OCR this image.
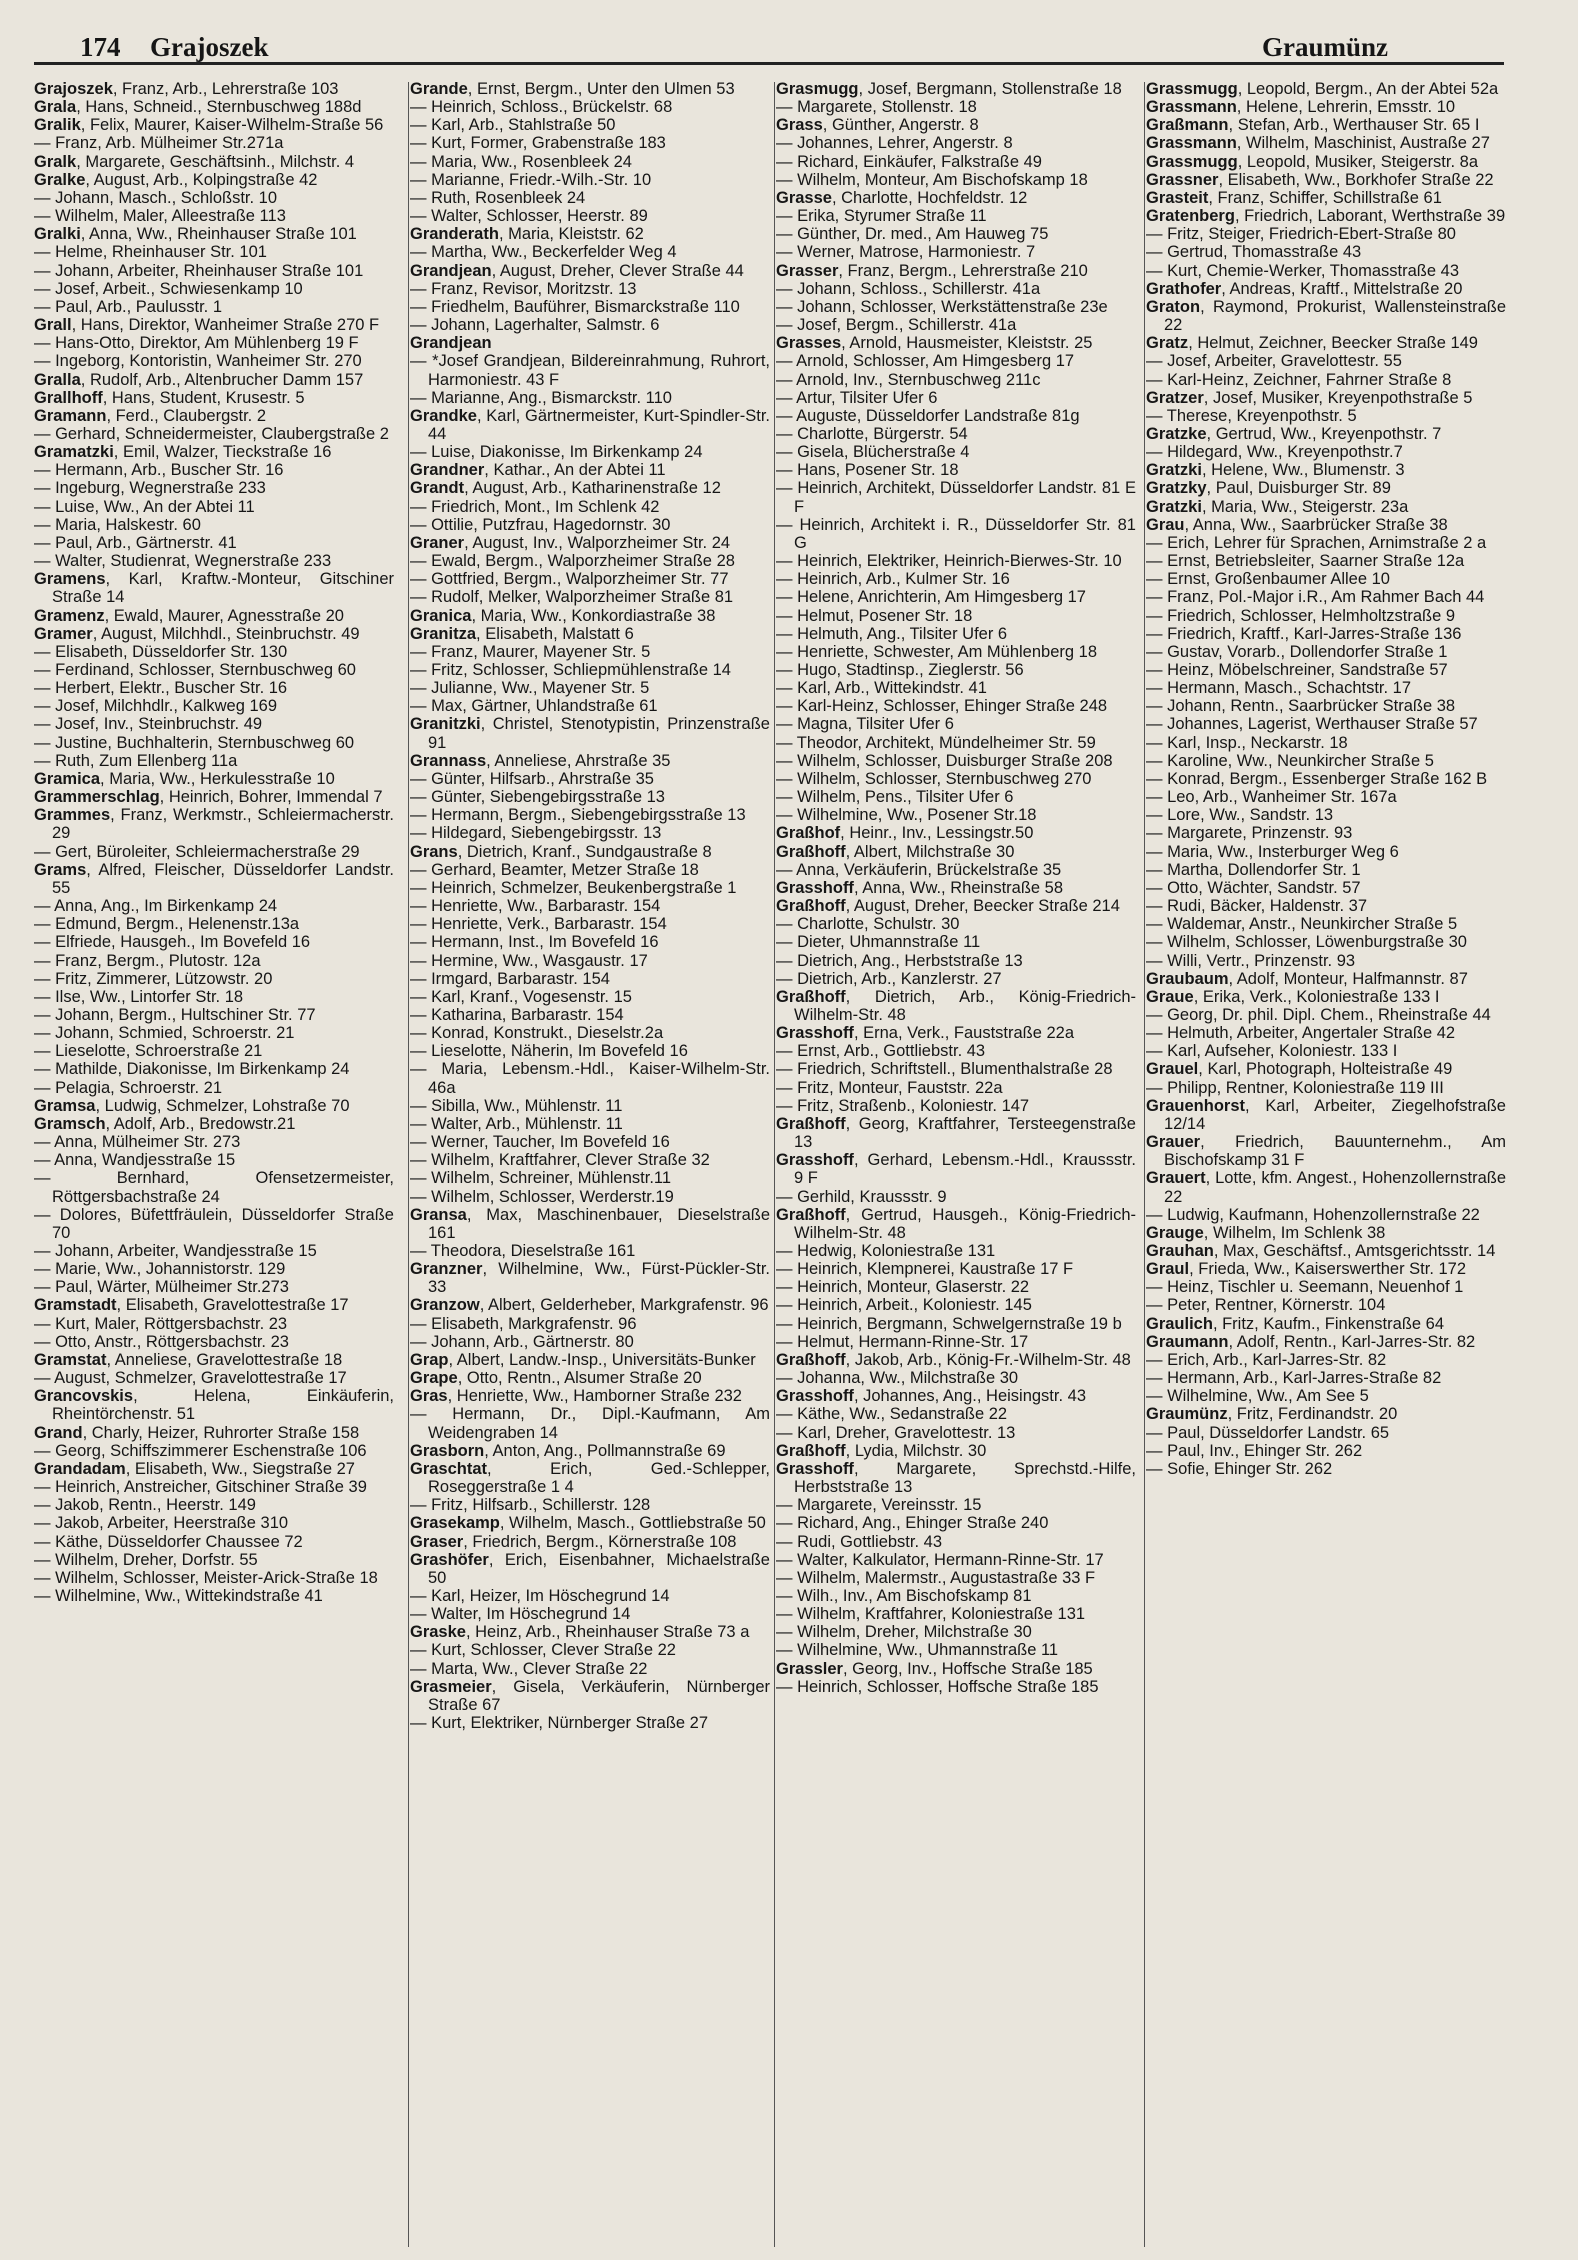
174 Grajoszek	Graumünz

Grajoszek, Franz, Arb., Lehrerstraße 103

Grala, Hans, Schneid., Sternbuschweg 188d

Gralik, Felix, Maurer, Kaiser-Wilhelm-Straße 56

— Franz, Arb. Mülheimer Str.271a

Gralk, Margarete, Geschäftsinh., Milchstr. 4

Gralke, August, Arb., Kolpingstraße 42

— Johann, Masch., Schloßstr. 10

— Wilhelm, Maler, Alleestraße 113

Gralki, Anna, Ww., Rheinhauser Straße 101

— Helme, Rheinhauser Str. 101

— Johann, Arbeiter, Rheinhauser Straße 101

— Josef, Arbeit., Schwiesenkamp 10

— Paul, Arb., Paulusstr. 1

Grall, Hans, Direktor, Wanheimer Straße 270 F

— Hans-Otto, Direktor, Am Mühlenberg 19 F

— Ingeborg, Kontoristin, Wanheimer Str. 270

Gralla, Rudolf, Arb., Altenbrucher Damm 157

Grallhoff, Hans, Student, Krusestr. 5

Gramann, Ferd., Claubergstr. 2

— Gerhard, Schneidermeister, Claubergstraße 2

Gramatzki, Emil, Walzer, Tieckstraße 16

— Hermann, Arb., Buscher Str. 16

— Ingeburg, Wegnerstraße 233

— Luise, Ww., An der Abtei 11

— Maria, Halskestr. 60

— Paul, Arb., Gärtnerstr. 41

— Walter, Studienrat, Wegnerstraße 233

Gramens, Karl, Kraftw.-Monteur, Gitschiner Straße 14

Gramenz, Ewald, Maurer, Agnesstraße 20

Gramer, August, Milchhdl., Steinbruchstr. 49

— Elisabeth, Düsseldorfer Str. 130

— Ferdinand, Schlosser, Sternbuschweg 60

— Herbert, Elektr., Buscher Str. 16

— Josef, Milchhdlr., Kalkweg 169

— Josef, Inv., Steinbruchstr. 49

— Justine, Buchhalterin, Sternbuschweg 60

— Ruth, Zum Ellenberg 11a

Gramica, Maria, Ww., Herkulesstraße 10

Grammerschlag, Heinrich, Bohrer, Immendal 7

Grammes, Franz, Werkmstr., Schleiermacherstr. 29

— Gert, Büroleiter, Schleiermacherstraße 29

Grams, Alfred, Fleischer, Düsseldorfer Landstr. 55

— Anna, Ang., Im Birkenkamp 24

— Edmund, Bergm., Helenenstr.13a

— Elfriede, Hausgeh., Im Bovefeld 16

— Franz, Bergm., Plutostr. 12a

— Fritz, Zimmerer, Lützowstr. 20

— Ilse, Ww., Lintorfer Str. 18

— Johann, Bergm., Hultschiner Str. 77

— Johann, Schmied, Schroerstr. 21

— Lieselotte, Schroerstraße 21

— Mathilde, Diakonisse, Im Birkenkamp 24

— Pelagia, Schroerstr. 21

Gramsa, Ludwig, Schmelzer, Lohstraße 70

Gramsch, Adolf, Arb., Bredowstr.21

— Anna, Mülheimer Str. 273

— Anna, Wandjesstraße 15

— Bernhard, Ofensetzermeister, Röttgersbachstraße 24

— Dolores, Büfettfräulein, Düsseldorfer Straße 70

— Johann, Arbeiter, Wandjesstraße 15

— Marie, Ww., Johannistorstr. 129

— Paul, Wärter, Mülheimer Str.273

Gramstadt, Elisabeth, Gravelottestraße 17

— Kurt, Maler, Röttgersbachstr. 23

— Otto, Anstr., Röttgersbachstr. 23

Gramstat, Anneliese, Gravelottestraße 18

— August, Schmelzer, Gravelottestraße 17

Grancovskis, Helena, Einkäuferin, Rheintörchenstr. 51

Grand, Charly, Heizer, Ruhrorter Straße 158

— Georg, Schiffszimmerer Eschenstraße 106

Grandadam, Elisabeth, Ww., Siegstraße 27

— Heinrich, Anstreicher, Gitschiner Straße 39

— Jakob, Rentn., Heerstr. 149

— Jakob, Arbeiter, Heerstraße 310

— Käthe, Düsseldorfer Chaussee 72

— Wilhelm, Dreher, Dorfstr. 55

— Wilhelm, Schlosser, Meister-Arick-Straße 18

— Wilhelmine, Ww., Wittekindstraße 41

Grande, Ernst, Bergm., Unter den Ulmen 53

— Heinrich, Schloss., Brückelstr. 68

— Karl, Arb., Stahlstraße 50

— Kurt, Former, Grabenstraße 183

— Maria, Ww., Rosenbleek 24

— Marianne, Friedr.-Wilh.-Str. 10

— Ruth, Rosenbleek 24

— Walter, Schlosser, Heerstr. 89

Granderath, Maria, Kleiststr. 62

— Martha, Ww., Beckerfelder Weg 4

Grandjean, August, Dreher, Clever Straße 44

— Franz, Revisor, Moritzstr. 13

— Friedhelm, Bauführer, Bismarckstraße 110

— Johann, Lagerhalter, Salmstr. 6

Grandjean

— *Josef Grandjean, Bildereinrahmung, Ruhrort, Harmoniestr. 43 F

— Marianne, Ang., Bismarckstr. 110

Grandke, Karl, Gärtnermeister, Kurt-Spindler-Str. 44

— Luise, Diakonisse, Im Birkenkamp 24

Grandner, Kathar., An der Abtei 11

Grandt, August, Arb., Katharinenstraße 12

— Friedrich, Mont., Im Schlenk 42

— Ottilie, Putzfrau, Hagedornstr. 30

Graner, August, Inv., Walporzheimer Str. 24

— Ewald, Bergm., Walporzheimer Straße 28

— Gottfried, Bergm., Walporzheimer Str. 77

— Rudolf, Melker, Walporzheimer Straße 81

Granica, Maria, Ww., Konkordiastraße 38

Granitza, Elisabeth, Malstatt 6

— Franz, Maurer, Mayener Str. 5

— Fritz, Schlosser, Schliepmühlenstraße 14

— Julianne, Ww., Mayener Str. 5

— Max, Gärtner, Uhlandstraße 61

Granitzki, Christel, Stenotypistin, Prinzenstraße 91

Grannass, Anneliese, Ahrstraße 35

— Günter, Hilfsarb., Ahrstraße 35

— Günter, Siebengebirgsstraße 13

— Hermann, Bergm., Siebengebirgsstraße 13

— Hildegard, Siebengebirgsstr. 13

Grans, Dietrich, Kranf., Sundgaustraße 8

— Gerhard, Beamter, Metzer Straße 18

— Heinrich, Schmelzer, Beukenbergstraße 1

— Henriette, Ww., Barbarastr. 154

— Henriette, Verk., Barbarastr. 154

— Hermann, Inst., Im Bovefeld 16

— Hermine, Ww., Wasgaustr. 17

— Irmgard, Barbarastr. 154

— Karl, Kranf., Vogesenstr. 15

— Katharina, Barbarastr. 154

— Konrad, Konstrukt., Dieselstr.2a

— Lieselotte, Näherin, Im Bovefeld 16

— Maria, Lebensm.-Hdl., Kaiser-Wilhelm-Str. 46a

— Sibilla, Ww., Mühlenstr. 11

— Walter, Arb., Mühlenstr. 11

— Werner, Taucher, Im Bovefeld 16

— Wilhelm, Kraftfahrer, Clever Straße 32

— Wilhelm, Schreiner, Mühlenstr.11

— Wilhelm, Schlosser, Werderstr.19

Gransa, Max, Maschinenbauer, Dieselstraße 161

— Theodora, Dieselstraße 161

Granzner, Wilhelmine, Ww., Fürst-Pückler-Str. 33

Granzow, Albert, Gelderheber, Markgrafenstr. 96

— Elisabeth, Markgrafenstr. 96

— Johann, Arb., Gärtnerstr. 80

Grap, Albert, Landw.-Insp., Universitäts-Bunker

Grape, Otto, Rentn., Alsumer Straße 20

Gras, Henriette, Ww., Hamborner Straße 232

— Hermann, Dr., Dipl.-Kaufmann, Am Weidengraben 14

Grasborn, Anton, Ang., Pollmannstraße 69

Graschtat, Erich, Ged.-Schlepper, Roseggerstraße 1 4

— Fritz, Hilfsarb., Schillerstr. 128

Grasekamp, Wilhelm, Masch., Gottliebstraße 50

Graser, Friedrich, Bergm., Körnerstraße 108

Grashöfer, Erich, Eisenbahner, Michaelstraße 50

— Karl, Heizer, Im Höschegrund 14

— Walter, Im Höschegrund 14

Graske, Heinz, Arb., Rheinhauser Straße 73 a

— Kurt, Schlosser, Clever Straße 22

— Marta, Ww., Clever Straße 22

Grasmeier, Gisela, Verkäuferin, Nürnberger Straße 67

— Kurt, Elektriker, Nürnberger Straße 27

Grasmugg, Josef, Bergmann, Stollenstraße 18

— Margarete, Stollenstr. 18

Grass, Günther, Angerstr. 8

— Johannes, Lehrer, Angerstr. 8

— Richard, Einkäufer, Falkstraße 49

— Wilhelm, Monteur, Am Bischofskamp 18

Grasse, Charlotte, Hochfeldstr. 12

— Erika, Styrumer Straße 11

— Günther, Dr. med., Am Hauweg 75

— Werner, Matrose, Harmoniestr. 7

Grasser, Franz, Bergm., Lehrerstraße 210

— Johann, Schloss., Schillerstr. 41a

— Johann, Schlosser, Werkstättenstraße 23e

— Josef, Bergm., Schillerstr. 41a

Grasses, Arnold, Hausmeister, Kleiststr. 25

— Arnold, Schlosser, Am Himgesberg 17

— Arnold, Inv., Sternbuschweg 211c

— Artur, Tilsiter Ufer 6

— Auguste, Düsseldorfer Landstraße 81g

— Charlotte, Bürgerstr. 54

— Gisela, Blücherstraße 4

— Hans, Posener Str. 18

— Heinrich, Architekt, Düsseldorfer Landstr. 81 E F

— Heinrich, Architekt i. R., Düsseldorfer Str. 81 G

— Heinrich, Elektriker, Heinrich-Bierwes-Str. 10

— Heinrich, Arb., Kulmer Str. 16

— Helene, Anrichterin, Am Himgesberg 17

— Helmut, Posener Str. 18

— Helmuth, Ang., Tilsiter Ufer 6

— Henriette, Schwester, Am Mühlenberg 18

— Hugo, Stadtinsp., Zieglerstr. 56

— Karl, Arb., Wittekindstr. 41

— Karl-Heinz, Schlosser, Ehinger Straße 248

— Magna, Tilsiter Ufer 6

— Theodor, Architekt, Mündelheimer Str. 59

— Wilhelm, Schlosser, Duisburger Straße 208

— Wilhelm, Schlosser, Sternbuschweg 270

— Wilhelm, Pens., Tilsiter Ufer 6

— Wilhelmine, Ww., Posener Str.18

Graßhof, Heinr., Inv., Lessingstr.50

Graßhoff, Albert, Milchstraße 30

— Anna, Verkäuferin, Brückelstraße 35

Grasshoff, Anna, Ww., Rheinstraße 58

Graßhoff, August, Dreher, Beecker Straße 214

— Charlotte, Schulstr. 30

— Dieter, Uhmannstraße 11

— Dietrich, Ang., Herbststraße 13

— Dietrich, Arb., Kanzlerstr. 27

Graßhoff, Dietrich, Arb., König-Friedrich-Wilhelm-Str. 48

Grasshoff, Erna, Verk., Fauststraße 22a

— Ernst, Arb., Gottliebstr. 43

— Friedrich, Schriftstell., Blumenthalstraße 28

— Fritz, Monteur, Fauststr. 22a

— Fritz, Straßenb., Koloniestr. 147

Graßhoff, Georg, Kraftfahrer, Tersteegenstraße 13

Grasshoff, Gerhard, Lebensm.-Hdl., Kraussstr. 9 F

— Gerhild, Kraussstr. 9

Graßhoff, Gertrud, Hausgeh., König-Friedrich-Wilhelm-Str. 48

— Hedwig, Koloniestraße 131

— Heinrich, Klempnerei, Kaustraße 17 F

— Heinrich, Monteur, Glaserstr. 22

— Heinrich, Arbeit., Koloniestr. 145

— Heinrich, Bergmann, Schwelgernstraße 19 b

— Helmut, Hermann-Rinne-Str. 17

Graßhoff, Jakob, Arb., König-Fr.-Wilhelm-Str. 48

— Johanna, Ww., Milchstraße 30

Grasshoff, Johannes, Ang., Heisingstr. 43

— Käthe, Ww., Sedanstraße 22

— Karl, Dreher, Gravelottestr. 13

Graßhoff, Lydia, Milchstr. 30

Grasshoff, Margarete, Sprechstd.-Hilfe, Herbststraße 13

— Margarete, Vereinsstr. 15

— Richard, Ang., Ehinger Straße 240

— Rudi, Gottliebstr. 43

— Walter, Kalkulator, Hermann-Rinne-Str. 17

— Wilhelm, Malermstr., Augustastraße 33 F

— Wilh., Inv., Am Bischofskamp 81

— Wilhelm, Kraftfahrer, Koloniestraße 131

— Wilhelm, Dreher, Milchstraße 30

— Wilhelmine, Ww., Uhmannstraße 11

Grassler, Georg, Inv., Hoffsche Straße 185

— Heinrich, Schlosser, Hoffsche Straße 185

Grassmugg, Leopold, Bergm., An der Abtei 52a

Grassmann, Helene, Lehrerin, Emsstr. 10

Graßmann, Stefan, Arb., Werthauser Str. 65 I

Grassmann, Wilhelm, Maschinist, Austraße 27

Grassmugg, Leopold, Musiker, Steigerstr. 8a

Grassner, Elisabeth, Ww., Borkhofer Straße 22

Grasteit, Franz, Schiffer, Schillstraße 61

Gratenberg, Friedrich, Laborant, Werthstraße 39

— Fritz, Steiger, Friedrich-Ebert-Straße 80

— Gertrud, Thomasstraße 43

— Kurt, Chemie-Werker, Thomasstraße 43

Grathofer, Andreas, Kraftf., Mittelstraße 20

Graton, Raymond, Prokurist, Wallensteinstraße 22

Gratz, Helmut, Zeichner, Beecker Straße 149

— Josef, Arbeiter, Gravelottestr. 55

— Karl-Heinz, Zeichner, Fahrner Straße 8

Gratzer, Josef, Musiker, Kreyenpothstraße 5

— Therese, Kreyenpothstr. 5

Gratzke, Gertrud, Ww., Kreyenpothstr. 7

— Hildegard, Ww., Kreyenpothstr.7

Gratzki, Helene, Ww., Blumenstr. 3

Gratzky, Paul, Duisburger Str. 89

Gratzki, Maria, Ww., Steigerstr. 23a

Grau, Anna, Ww., Saarbrücker Straße 38

— Erich, Lehrer für Sprachen, Arnimstraße 2 a

— Ernst, Betriebsleiter, Saarner Straße 12a

— Ernst, Großenbaumer Allee 10

— Franz, Pol.-Major i.R., Am Rahmer Bach 44

— Friedrich, Schlosser, Helmholtzstraße 9

— Friedrich, Kraftf., Karl-Jarres-Straße 136

— Gustav, Vorarb., Dollendorfer Straße 1

— Heinz, Möbelschreiner, Sandstraße 57

— Hermann, Masch., Schachtstr. 17

— Johann, Rentn., Saarbrücker Straße 38

— Johannes, Lagerist, Werthauser Straße 57

— Karl, Insp., Neckarstr. 18

— Karoline, Ww., Neunkircher Straße 5

— Konrad, Bergm., Essenberger Straße 162 B

— Leo, Arb., Wanheimer Str. 167a

— Lore, Ww., Sandstr. 13

— Margarete, Prinzenstr. 93

— Maria, Ww., Insterburger Weg 6

— Martha, Dollendorfer Str. 1

— Otto, Wächter, Sandstr. 57

— Rudi, Bäcker, Haldenstr. 37

— Waldemar, Anstr., Neunkircher Straße 5

— Wilhelm, Schlosser, Löwenburgstraße 30

— Willi, Vertr., Prinzenstr. 93

Graubaum, Adolf, Monteur, Halfmannstr. 87

Graue, Erika, Verk., Koloniestraße 133 I

— Georg, Dr. phil. Dipl. Chem., Rheinstraße 44

— Helmuth, Arbeiter, Angertaler Straße 42

— Karl, Aufseher, Koloniestr. 133 I

Grauel, Karl, Photograph, Holteistraße 49

— Philipp, Rentner, Koloniestraße 119 III

Grauenhorst, Karl, Arbeiter, Ziegelhofstraße 12/14

Grauer, Friedrich, Bauunternehm., Am Bischofskamp 31 F

Grauert, Lotte, kfm. Angest., Hohenzollernstraße 22

— Ludwig, Kaufmann, Hohenzollernstraße 22

Grauge, Wilhelm, Im Schlenk 38

Grauhan, Max, Geschäftsf., Amtsgerichtsstr. 14

Graul, Frieda, Ww., Kaiserswerther Str. 172

— Heinz, Tischler u. Seemann, Neuenhof 1

— Peter, Rentner, Körnerstr. 104

Graulich, Fritz, Kaufm., Finkenstraße 64

Graumann, Adolf, Rentn., Karl-Jarres-Str. 82

— Erich, Arb., Karl-Jarres-Str. 82

— Hermann, Arb., Karl-Jarres-Straße 82

— Wilhelmine, Ww., Am See 5

Graumünz, Fritz, Ferdinandstr. 20

— Paul, Düsseldorfer Landstr. 65

— Paul, Inv., Ehinger Str. 262

— Sofie, Ehinger Str. 262
